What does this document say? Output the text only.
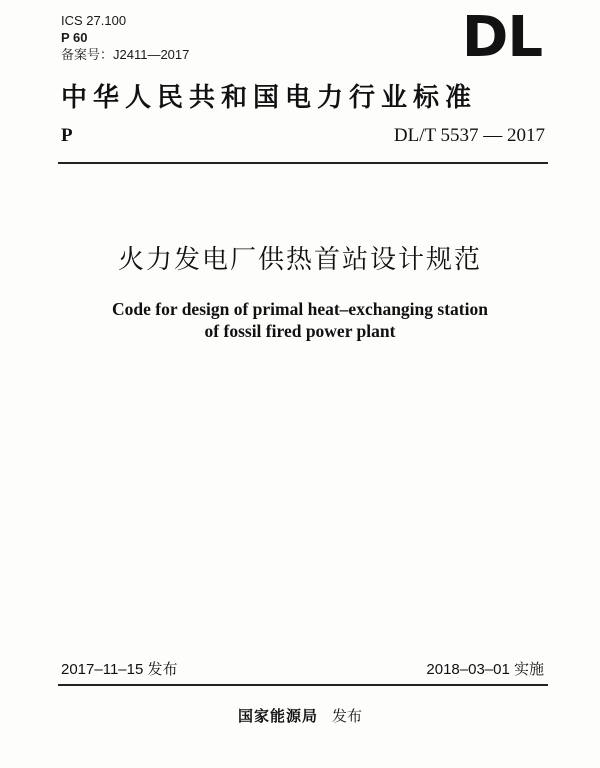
ICS 27.100
P 60
备案号：J2411—2017	DL
中华人民共和国电力行业标准
P	DL/T 5537 — 2017
火力发电厂供热首站设计规范
Code for design of primal heat–exchanging station
of fossil fired power plant
2017–11–15 发布	2018–03–01 实施
国家能源局 发布
